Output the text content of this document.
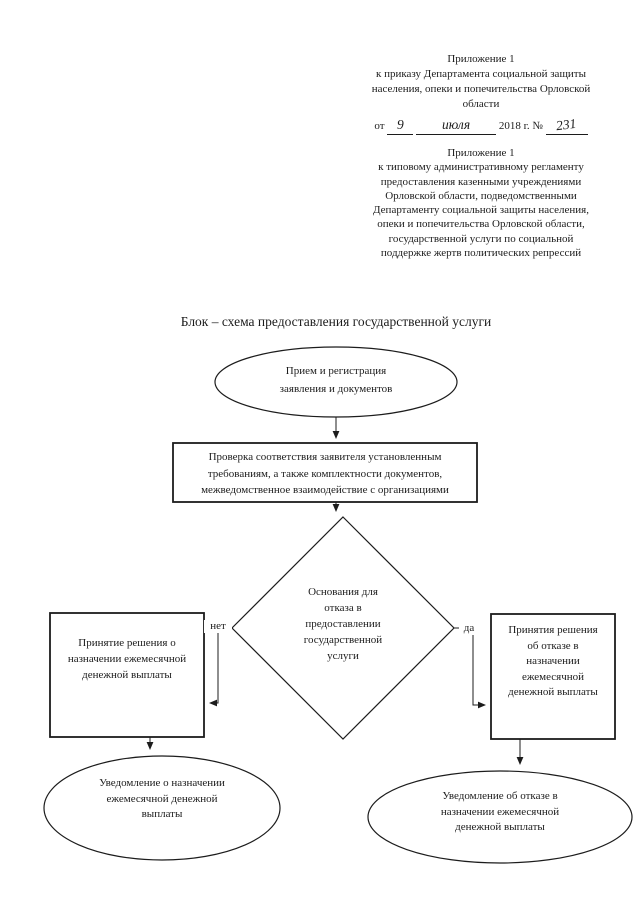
Приложение 1
к приказу Департамента социальной защиты
населения, опеки и попечительства Орловской
области
от 9	июля	2018 г. № 231
Приложение 1
к типовому административному регламенту
предоставления казенными учреждениями
Орловской области, подведомственными
Департаменту социальной защиты населения,
опеки и попечительства Орловской области,
государственной услуги по социальной
поддержке жертв политических репрессий
Блок – схема предоставления государственной услуги
Прием и регистрация
заявления и документов
Проверка соответствия заявителя установленным
требованиям, а также комплектности документов,
межведомственное взаимодействие с организациями
Основания для
отказа в
предоставлении
государственной
услуги
Принятие решения о
назначении ежемесячной
денежной выплаты
Принятия решения
об отказе в
назначении
ежемесячной
денежной выплаты
Уведомление о назначении
ежемесячной денежной
выплаты
Уведомление об отказе в
назначении ежемесячной
денежной выплаты
нет	да
